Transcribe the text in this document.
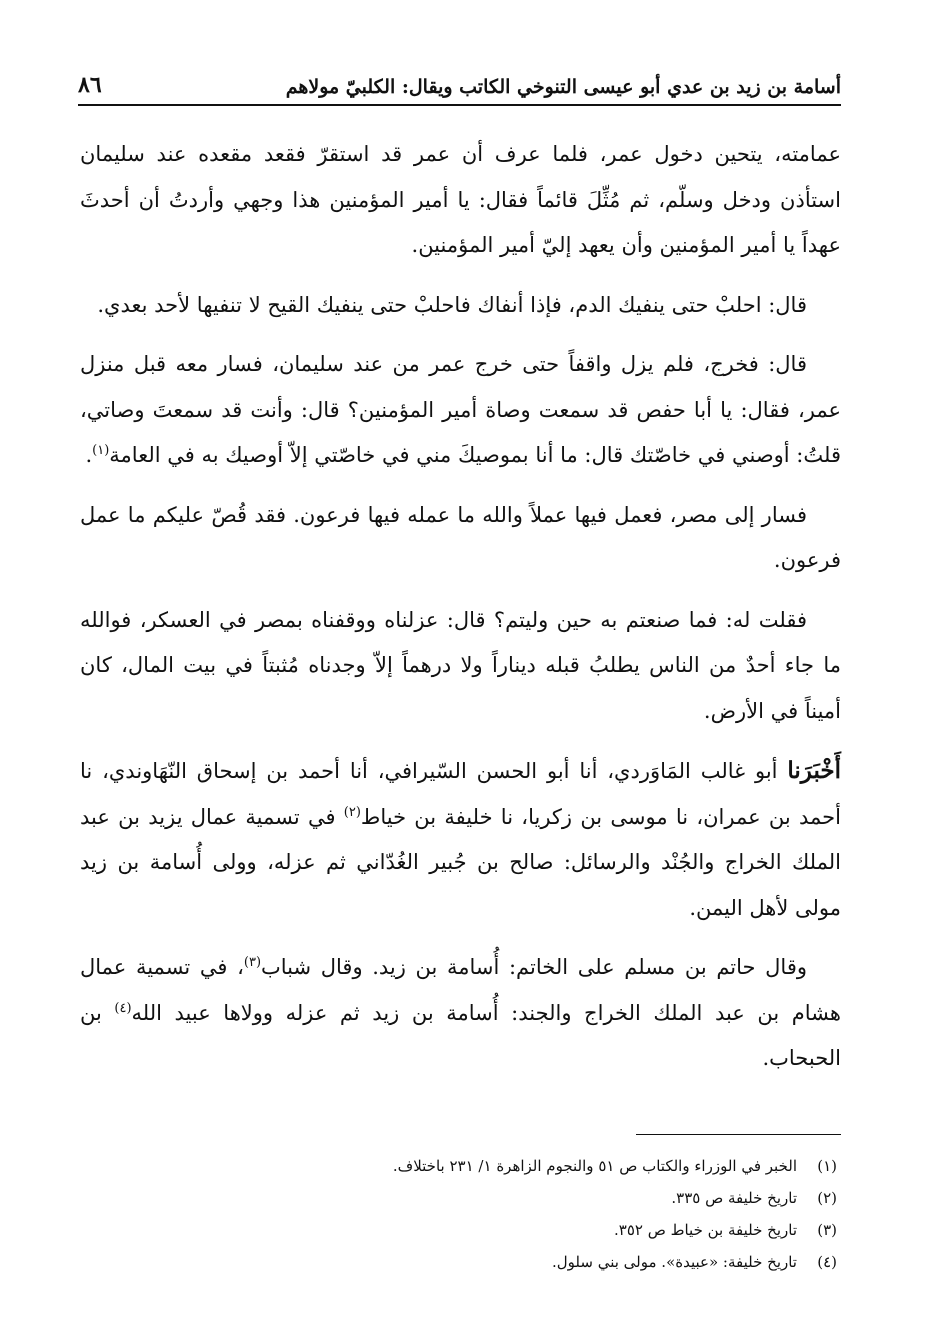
أسامة بن زيد بن عدي أبو عيسى التنوخي الكاتب ويقال: الكلبيّ مولاهم
٨٦

عمامته، يتحين دخول عمر، فلما عرف أن عمر قد استقرّ فقعد مقعده عند سليمان استأذن ودخل وسلّم، ثم مُثِّلَ قائماً فقال: يا أمير المؤمنين هذا وجهي وأردتُ أن أحدثَ عهداً يا أمير المؤمنين وأن يعهد إليّ أمير المؤمنين.

قال: احلبْ حتى ينفيك الدم، فإذا أنفاك فاحلبْ حتى ينفيك القيح لا تنفيها لأحد بعدي.

قال: فخرج، فلم يزل واقفاً حتى خرج عمر من عند سليمان، فسار معه قبل منزل عمر، فقال: يا أبا حفص قد سمعت وصاة أمير المؤمنين؟ قال: وأنت قد سمعتَ وصاتي، قلتُ: أوصني في خاصّتك قال: ما أنا بموصيكَ مني في خاصّتي إلاّ أوصيك به في العامة$^{(١)}$.

فسار إلى مصر، فعمل فيها عملاً والله ما عمله فيها فرعون. فقد قُصّ عليكم ما عمل فرعون.

فقلت له: فما صنعتم به حين وليتم؟ قال: عزلناه ووقفناه بمصر في العسكر، فوالله ما جاء أحدٌ من الناس يطلبُ قبله ديناراً ولا درهماً إلاّ وجدناه مُثبتاً في بيت المال، كان أميناً في الأرض.

أَخْبَرَنا أبو غالب المَاوَردي، أنا أبو الحسن السّيرافي، أنا أحمد بن إسحاق النّهَاوندي، نا أحمد بن عمران، نا موسى بن زكريا، نا خليفة بن خياط$^{(٢)}$ في تسمية عمال يزيد بن عبد الملك الخراج والجُنْد والرسائل: صالح بن جُبير الغُدّاني ثم عزله، وولى أُسامة بن زيد مولى لأهل اليمن.

وقال حاتم بن مسلم على الخاتم: أُسامة بن زيد. وقال شباب$^{(٣)}$، في تسمية عمال هشام بن عبد الملك الخراج والجند: أُسامة بن زيد ثم عزله وولاها عبيد الله$^{(٤)}$ بن الحبحاب.

(١)
الخبر في الوزراء والكتاب ص ٥١ والنجوم الزاهرة ١/ ٢٣١ باختلاف.
(٢)
تاريخ خليفة ص ٣٣٥.
(٣)
تاريخ خليفة بن خياط ص ٣٥٢.
(٤)
تاريخ خليفة: «عبيدة». مولى بني سلول.
